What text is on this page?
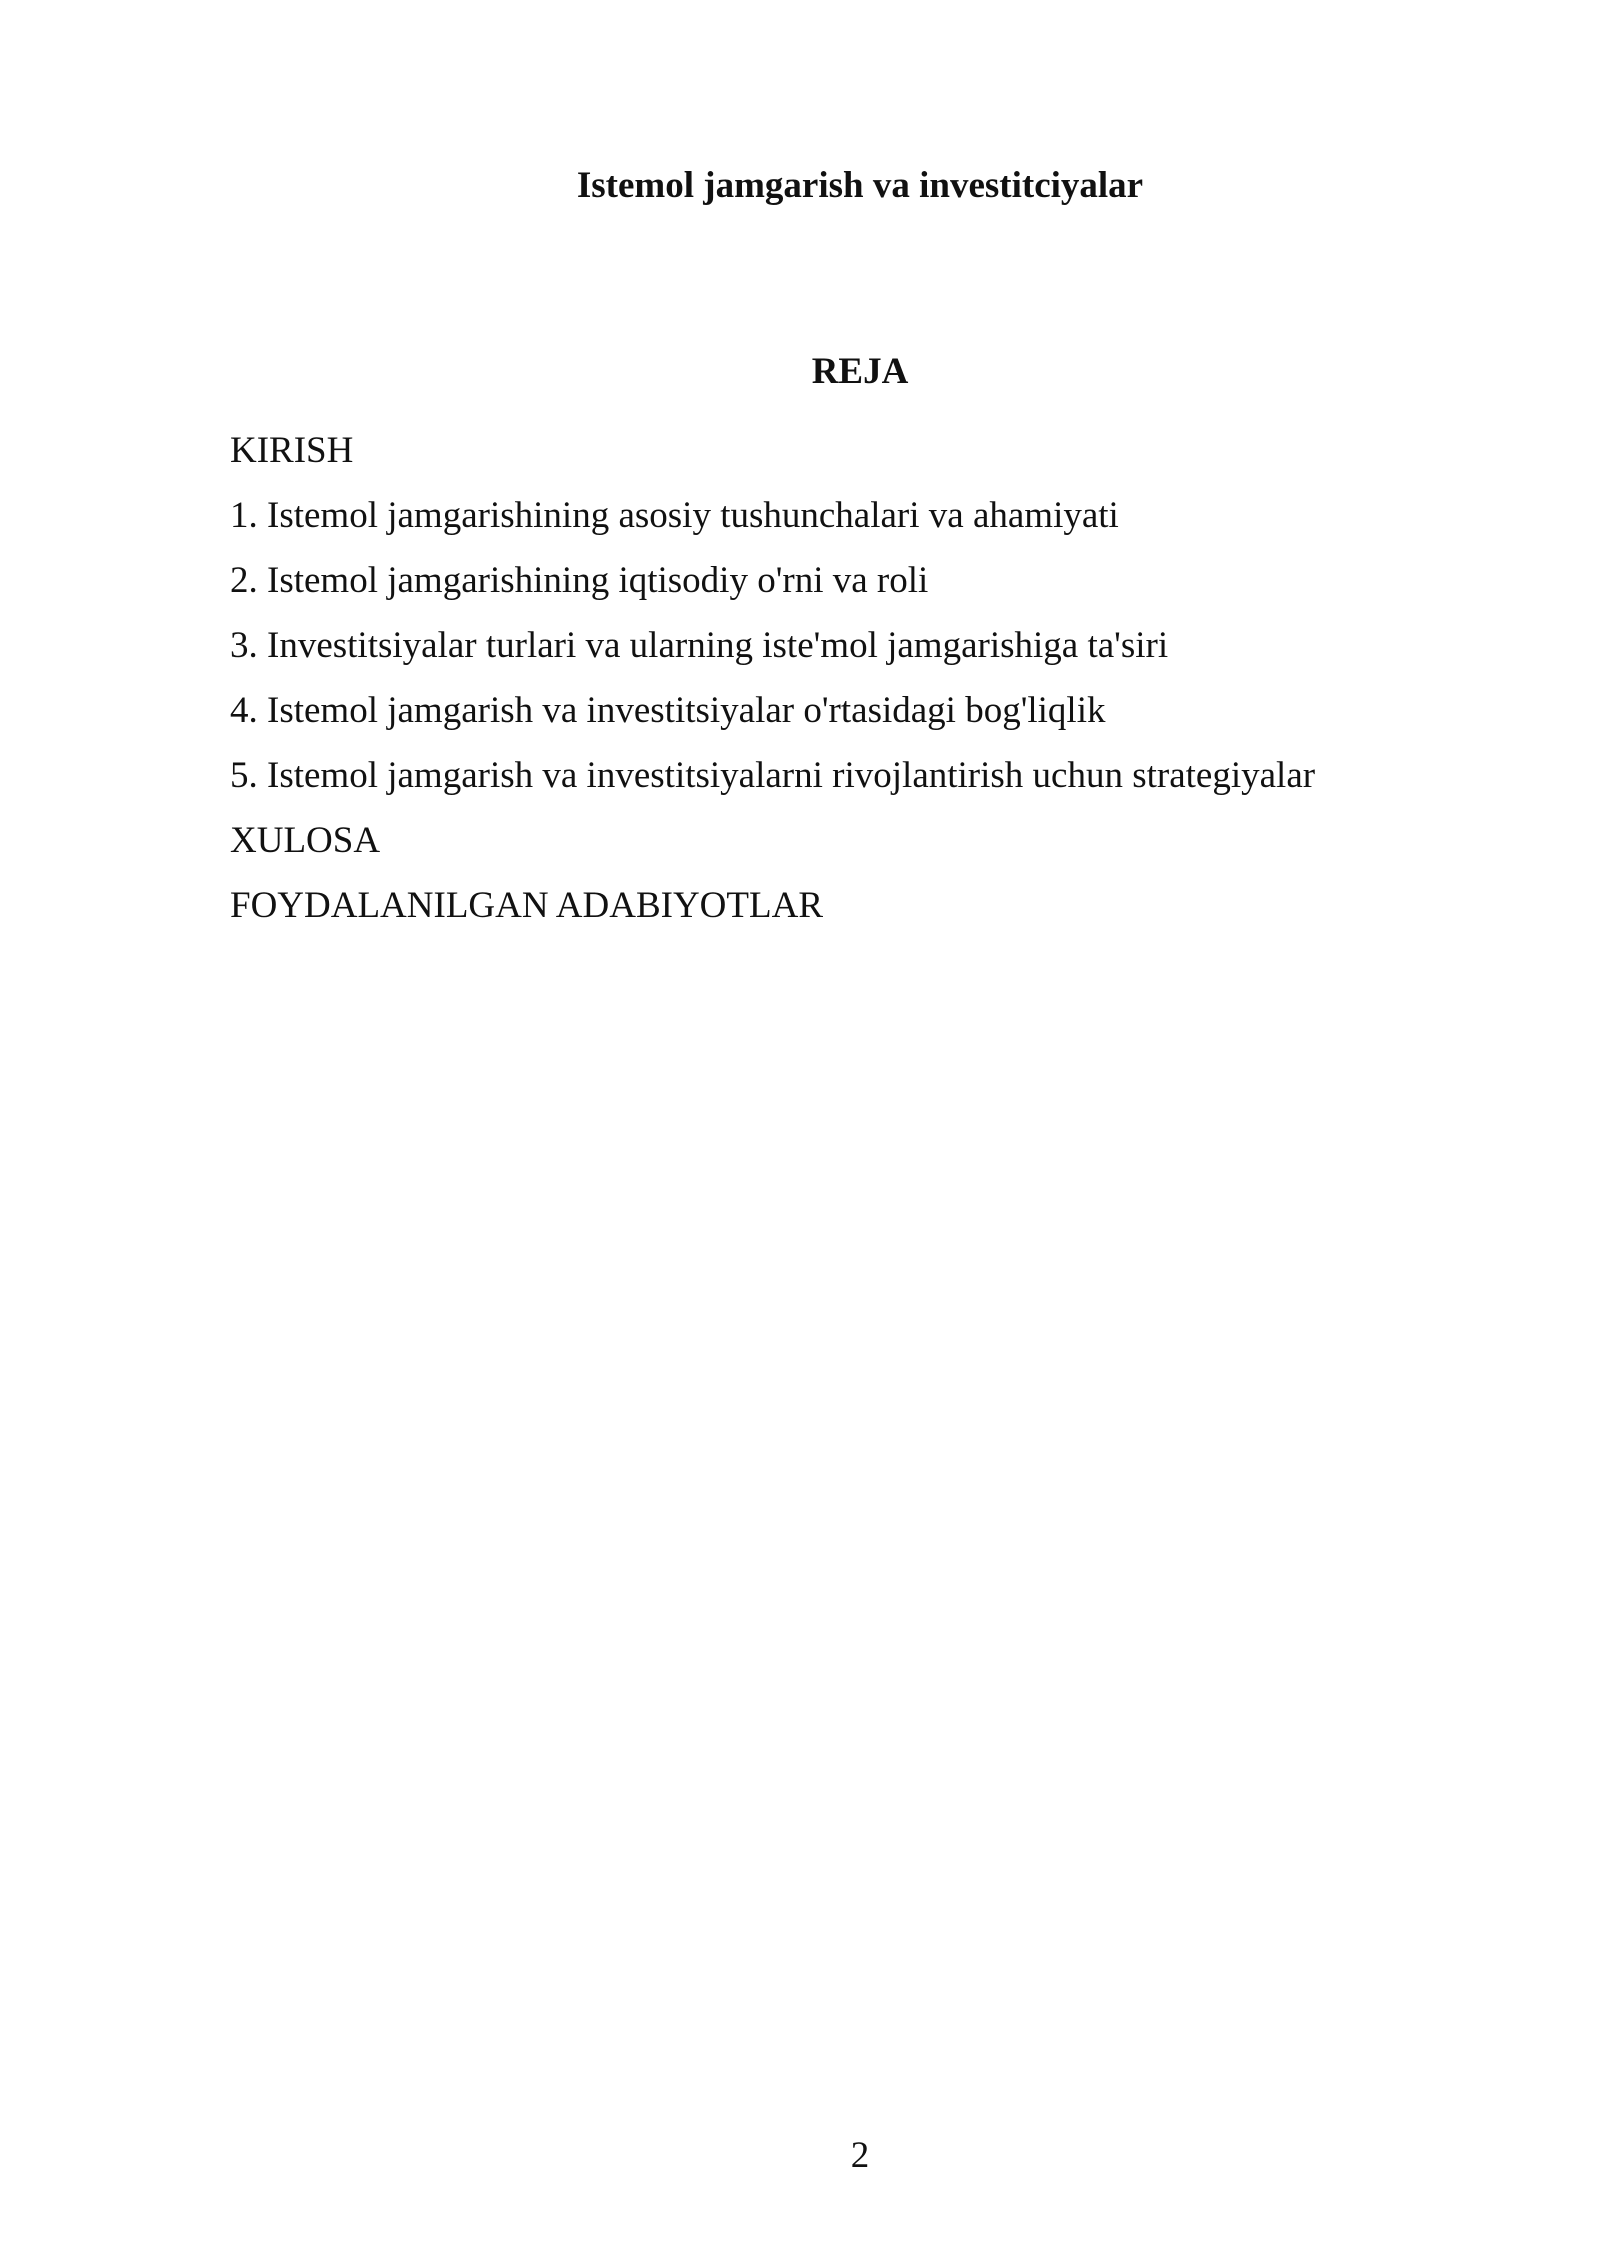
Istemol jamgarish va investitciyalar
REJA
KIRISH
1. Istemol jamgarishining asosiy tushunchalari va ahamiyati
2. Istemol jamgarishining iqtisodiy o'rni va roli
3. Investitsiyalar turlari va ularning iste'mol jamgarishiga ta'siri
4. Istemol jamgarish va investitsiyalar o'rtasidagi bog'liqlik
5. Istemol jamgarish va investitsiyalarni rivojlantirish uchun strategiyalar
XULOSA
FOYDALANILGAN ADABIYOTLAR
2
